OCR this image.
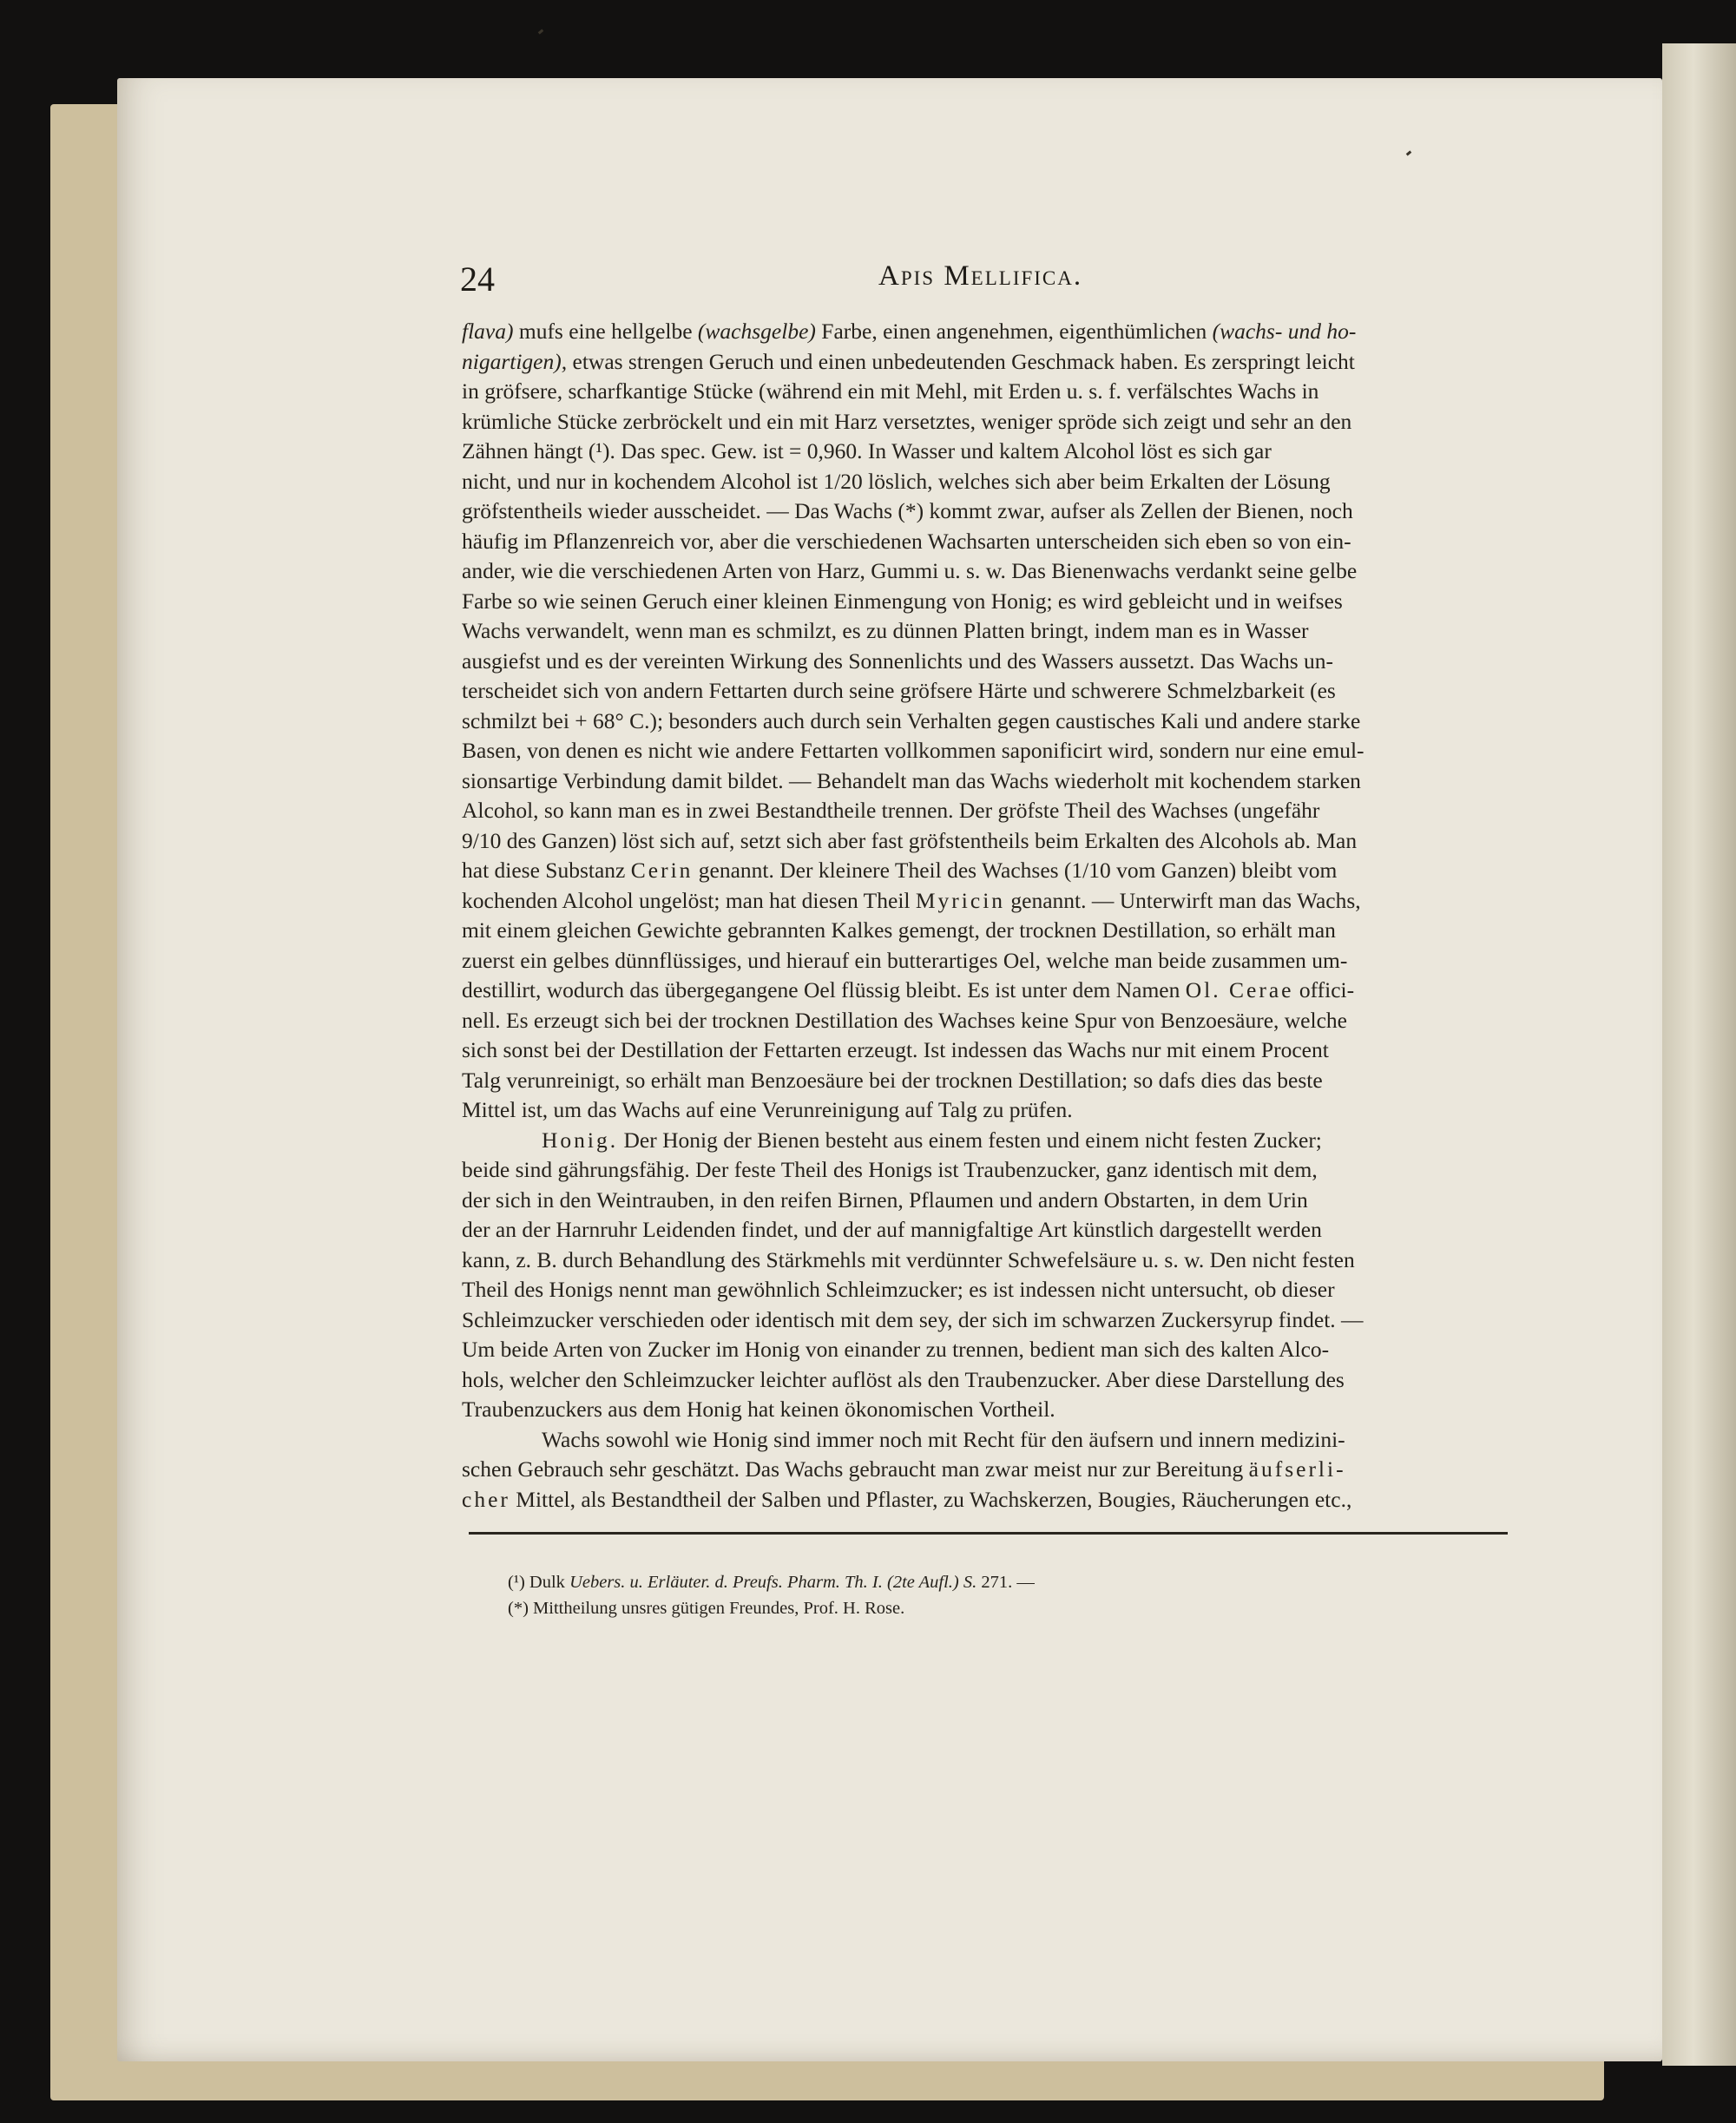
24	Apis Mellifica.

flava) mufs eine hellgelbe (wachsgelbe) Farbe, einen angenehmen, eigenthümlichen (wachs- und ho-
nigartigen), etwas strengen Geruch und einen unbedeutenden Geschmack haben. Es zerspringt leicht
in gröfsere, scharfkantige Stücke (während ein mit Mehl, mit Erden u. s. f. verfälschtes Wachs in
krümliche Stücke zerbröckelt und ein mit Harz versetztes, weniger spröde sich zeigt und sehr an den
Zähnen hängt (¹). Das spec. Gew. ist = 0,960. In Wasser und kaltem Alcohol löst es sich gar
nicht, und nur in kochendem Alcohol ist 1/20 löslich, welches sich aber beim Erkalten der Lösung
gröfstentheils wieder ausscheidet. — Das Wachs (*) kommt zwar, aufser als Zellen der Bienen, noch
häufig im Pflanzenreich vor, aber die verschiedenen Wachsarten unterscheiden sich eben so von ein-
ander, wie die verschiedenen Arten von Harz, Gummi u. s. w. Das Bienenwachs verdankt seine gelbe
Farbe so wie seinen Geruch einer kleinen Einmengung von Honig; es wird gebleicht und in weifses
Wachs verwandelt, wenn man es schmilzt, es zu dünnen Platten bringt, indem man es in Wasser
ausgiefst und es der vereinten Wirkung des Sonnenlichts und des Wassers aussetzt. Das Wachs un-
terscheidet sich von andern Fettarten durch seine gröfsere Härte und schwerere Schmelzbarkeit (es
schmilzt bei + 68° C.); besonders auch durch sein Verhalten gegen caustisches Kali und andere starke
Basen, von denen es nicht wie andere Fettarten vollkommen saponificirt wird, sondern nur eine emul-
sionsartige Verbindung damit bildet. — Behandelt man das Wachs wiederholt mit kochendem starken
Alcohol, so kann man es in zwei Bestandtheile trennen. Der gröfste Theil des Wachses (ungefähr
9/10 des Ganzen) löst sich auf, setzt sich aber fast gröfstentheils beim Erkalten des Alcohols ab. Man
hat diese Substanz Cerin genannt. Der kleinere Theil des Wachses (1/10 vom Ganzen) bleibt vom
kochenden Alcohol ungelöst; man hat diesen Theil Myricin genannt. — Unterwirft man das Wachs,
mit einem gleichen Gewichte gebrannten Kalkes gemengt, der trocknen Destillation, so erhält man
zuerst ein gelbes dünnflüssiges, und hierauf ein butterartiges Oel, welche man beide zusammen um-
destillirt, wodurch das übergegangene Oel flüssig bleibt. Es ist unter dem Namen Ol. Cerae offici-
nell. Es erzeugt sich bei der trocknen Destillation des Wachses keine Spur von Benzoesäure, welche
sich sonst bei der Destillation der Fettarten erzeugt. Ist indessen das Wachs nur mit einem Procent
Talg verunreinigt, so erhält man Benzoesäure bei der trocknen Destillation; so dafs dies das beste
Mittel ist, um das Wachs auf eine Verunreinigung auf Talg zu prüfen.

Honig. Der Honig der Bienen besteht aus einem festen und einem nicht festen Zucker;
beide sind gährungsfähig. Der feste Theil des Honigs ist Traubenzucker, ganz identisch mit dem,
der sich in den Weintrauben, in den reifen Birnen, Pflaumen und andern Obstarten, in dem Urin
der an der Harnruhr Leidenden findet, und der auf mannigfaltige Art künstlich dargestellt werden
kann, z. B. durch Behandlung des Stärkmehls mit verdünnter Schwefelsäure u. s. w. Den nicht festen
Theil des Honigs nennt man gewöhnlich Schleimzucker; es ist indessen nicht untersucht, ob dieser
Schleimzucker verschieden oder identisch mit dem sey, der sich im schwarzen Zuckersyrup findet. —
Um beide Arten von Zucker im Honig von einander zu trennen, bedient man sich des kalten Alco-
hols, welcher den Schleimzucker leichter auflöst als den Traubenzucker. Aber diese Darstellung des
Traubenzuckers aus dem Honig hat keinen ökonomischen Vortheil.

Wachs sowohl wie Honig sind immer noch mit Recht für den äufsern und innern medizini-
schen Gebrauch sehr geschätzt. Das Wachs gebraucht man zwar meist nur zur Bereitung äufserli-
cher Mittel, als Bestandtheil der Salben und Pflaster, zu Wachskerzen, Bougies, Räucherungen etc.,

(¹) Dulk Uebers. u. Erläuter. d. Preufs. Pharm. Th. I. (2te Aufl.) S. 271. —
(*) Mittheilung unsres gütigen Freundes, Prof. H. Rose.
